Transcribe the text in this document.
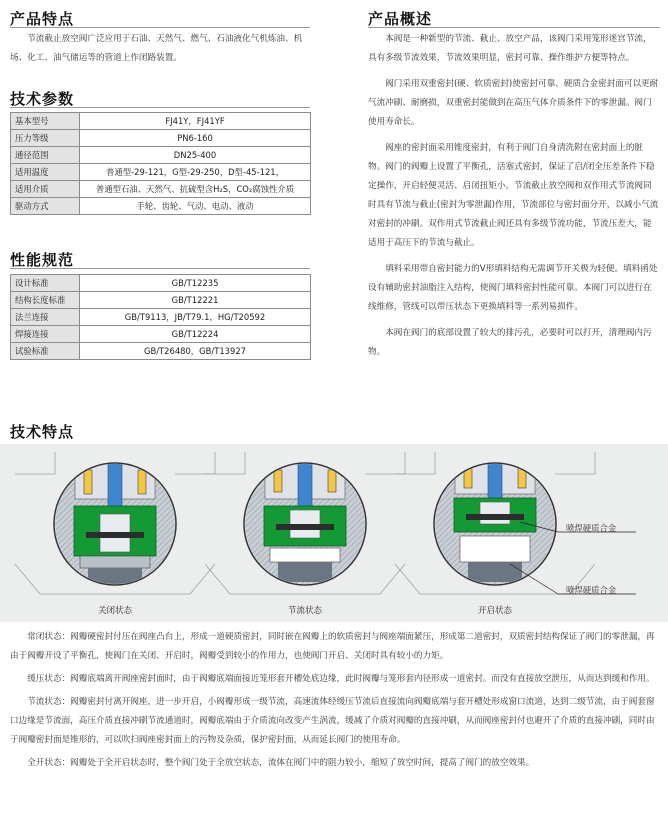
产品特点
节流截止放空阀广泛应用于石油、天然气、燃气、石油液化气机炼油、机场、化工、油气储运等的管道上作闭路装置。
技术参数
基本型号	FJ41Y，FJ41YF
压力等级	PN6-160
通径范围	DN25-400
适用温度	普通型-29-121，G型-29-250，D型-45-121，
适用介质	普通型石油、天然气、抗硫型含H₂S，CO₂腐蚀性介质
驱动方式	手轮、齿轮、气动、电动、液动
性能规范
设计标准	GB/T12235
结构长度标准	GB/T12221
法兰连接	GB/T9113，JB/T79.1，HG/T20592
焊接连接	GB/T12224
试验标准	GB/T26480，GB/T13927
产品概述
本阀是一种新型的节流、截止、放空产品，该阀门采用笼形迷宫节流，具有多级节流效果，节流效果明显，密封可靠、操作维护方便等特点。
阀门采用双重密封(硬、软质密封)使密封可靠、硬质合金密封面可以更耐气流冲刷、耐磨损，双重密封能做到在高压气体介质条件下的零泄漏。阀门使用寿命长。
阀座的密封面采用锥度密封，有利于阀门自身清洗附在密封面上的脏物。阀门的阀瓣上设置了平衡孔，活塞式密封，保证了启/闭全压差条件下稳定操作，开启轻便灵活、启闭扭矩小。节流截止放空阀和双作用式节流阀同时具有节流与截止(密封为零泄漏)作用，节流部位与密封面分开，以减小气流对密封的冲刷。双作用式节流截止阀还具有多级节流功能，节流压差大，能适用于高压下的节流与截止。
填料采用带自密封能力的V形填料结构无需调节开关极为轻便。填料函处设有辅助密封油脂注入结构，使阀门填料密封性能可靠。本阀门可以进行在线维修，管线可以带压状态下更换填料等一系列易损件。
本阀在阀门的底部设置了较大的排污孔，必要时可以打开，清理阀内污物。
技术特点
喷焊硬质合金
喷焊硬质合金
关闭状态	节流状态	开启状态
常闭状态：阀瓣硬密封付压在阀座凸台上，形成一道硬质密封，同时嵌在阀瓣上的软质密封与阀座端面紧压，形成第二道密封，双质密封结构保证了阀门的零泄漏，再由于阀瓣开设了平衡孔，使阀门在关闭、开启时，阀瓣受到较小的作用力，也使阀门开启、关闭时具有较小的力矩。
缓压状态：阀瓣底端离开阀座密封面时，由于阀瓣底端面接近笼形套开槽处底边缘，此时阀瓣与笼形套内径形成一道密封。而没有直接放空泄压，从而达到缓和作用。
节流状态：阀瓣密封付离开阀座，进一步开启，小阀瓣形成一级节流，高速流体经缓压节流后直接流向阀瓣底端与套开槽处形成窗口流道，达到二级节流，由于阀套窗口边缘是节流面，高压介质直接冲刷节流通道时，阀瓣底端由于介质流向改变产生涡流，缓减了介质对阀瓣的直接冲刷，从而阀座密封付也避开了介质的直接冲刷，同时由于阀瓣密封面是锥形的，可以吹扫阀座密封面上的污物及杂质，保护密封面，从而延长阀门的使用寿命。
全开状态：阀瓣处于全开启状态时，整个阀门处于全放空状态，流体在阀门中的阻力较小，缩短了放空时间，提高了阀门的放空效果。
